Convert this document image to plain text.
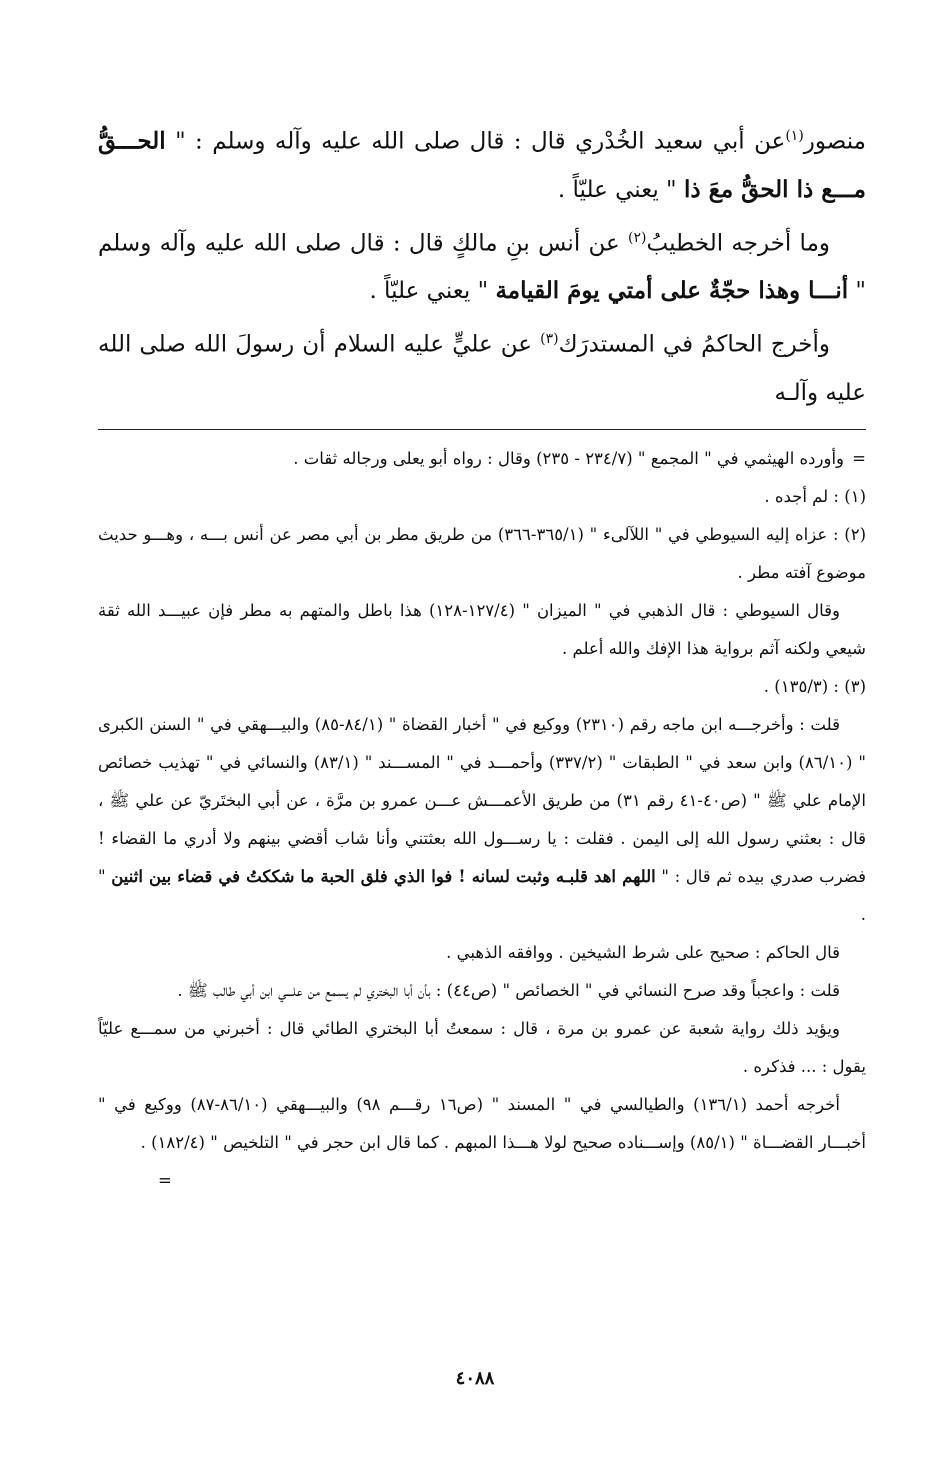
منصور$^{(١)}$عن أبي سعيد الخُدْري قال : قال صلى الله عليه وآله وسلم : " الحـــقُّ مـــع ذا الحقُّ معَ ذا " يعني عليّاً .

وما أخرجه الخطيبُ$^{(٢)}$ عن أنس بنِ مالكٍ قال : قال صلى الله عليه وآله وسلم " أنـــا وهذا حجّةٌ على أمتي يومَ القيامة " يعني عليّاً .

وأخرج الحاكمُ في المستدرَك$^{(٣)}$ عن عليٍّ عليه السلام أن رسولَ الله صلى الله عليه وآلـه

=وأورده الهيثمي في " المجمع " (٢٣٤/٧ - ٢٣٥) وقال : رواه أبو يعلى ورجاله ثقات .

(١) : لم أجده .

(٢) : عزاه إليه السيوطي في " اللآلىء " (٣٦٥/١-٣٦٦) من طريق مطر بن أبي مصر عن أنس بـــه ، وهـــو حديث موضوع آفته مطر .

وقال السيوطي : قال الذهبي في " الميزان " (١٢٧/٤-١٢٨) هذا باطل والمتهم به مطر فإن عبيـــد الله ثقة شيعي ولكنه آثم برواية هذا الإفك والله أعلم .

(٣) : (١٣٥/٣) .

قلت : وأخرجـــه ابن ماجه رقم (٢٣١٠) ووكيع في " أخبار القضاة " (٨٤/١-٨٥) والبيـــهقي في " السنن الكبرى " (٨٦/١٠) وابن سعد في " الطبقات " (٣٣٧/٢) وأحمـــد في " المســـند " (٨٣/١) والنسائي في " تهذيب خصائص الإمام علي ﷺ " (ص٤٠-٤١ رقم ٣١) من طريق الأعمـــش عـــن عمرو بن مرَّة ، عن أبي البختَريّ عن علي ﷺ ، قال : بعثني رسول الله إلى اليمن . فقلت : يا رســـول الله بعثتني وأنا شاب أقضي بينهم ولا أدري ما القضاء ! فضرب صدري بيده ثم قال : " اللهم اهد قلبـه وثبت لسانه ! فوا الذي فلق الحبة ما شككتُ في قضاء بين اثنين " .

قال الحاكم : صحيح على شرط الشيخين . ووافقه الذهبي .

قلت : واعجباً وقد صرح النسائي في " الخصائص " (ص٤٤) : بأن أبا البختري لم يسمع من علـــي ابن أبي طالب ﷺ .

ويؤيد ذلك رواية شعبة عن عمرو بن مرة ، قال : سمعتُ أبا البختري الطائي قال : أخبرني من سمـــع عليّاً يقول : ... فذكره .

أخرجه أحمد (١٣٦/١) والطيالسي في " المسند " (ص١٦ رقـــم ٩٨) والبيـــهقي (٨٦/١٠-٨٧) ووكيع في " أخبـــار القضـــاة " (٨٥/١) وإســـناده صحيح لولا هـــذا المبهم . كما قال ابن حجر في " التلخيص " (١٨٢/٤) .
=

٤٠٨٨
